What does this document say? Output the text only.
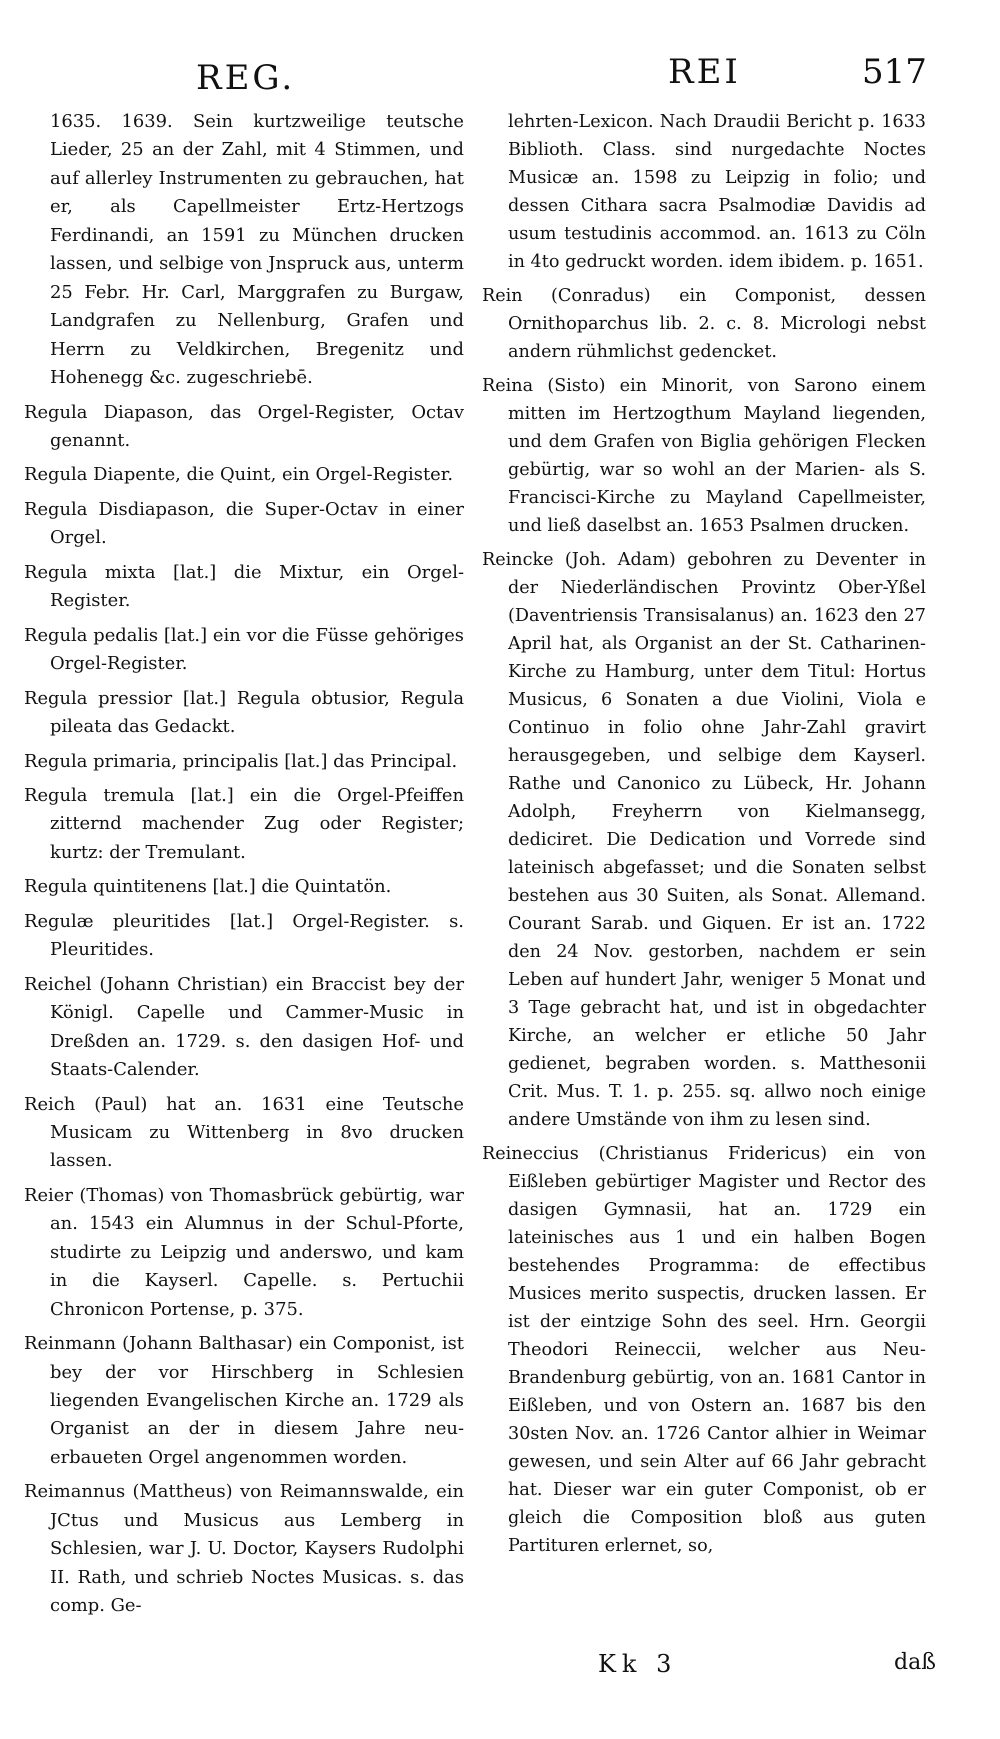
REG.	REI	517

1635. 1639. Sein kurtzweilige teutsche Lieder, 25 an der Zahl, mit 4 Stimmen, und auf allerley Instrumenten zu gebrauchen, hat er, als Capellmeister Ertz-Hertzogs Ferdinandi, an 1591 zu München drucken lassen, und selbige von Jnspruck aus, unterm 25 Febr. Hr. Carl, Marggrafen zu Burgaw, Landgrafen zu Nellenburg, Grafen und Herrn zu Veldkirchen, Bregenitz und Hohenegg &c. zugeschriebē.

Regula Diapason, das Orgel-Register, Octav genannt.

Regula Diapente, die Quint, ein Orgel-Register.

Regula Disdiapason, die Super-Octav in einer Orgel.

Regula mixta [lat.] die Mixtur, ein Orgel-Register.

Regula pedalis [lat.] ein vor die Füsse gehöriges Orgel-Register.

Regula pressior [lat.] Regula obtusior, Regula pileata das Gedackt.

Regula primaria, principalis [lat.] das Principal.

Regula tremula [lat.] ein die Orgel-Pfeiffen zitternd machender Zug oder Register; kurtz: der Tremulant.

Regula quintitenens [lat.] die Quintatön.

Regulæ pleuritides [lat.] Orgel-Register. s. Pleuritides.

Reichel (Johann Christian) ein Braccist bey der Königl. Capelle und Cammer-Music in Dreßden an. 1729. s. den dasigen Hof- und Staats-Calender.

Reich (Paul) hat an. 1631 eine Teutsche Musicam zu Wittenberg in 8vo drucken lassen.

Reier (Thomas) von Thomasbrück gebürtig, war an. 1543 ein Alumnus in der Schul-Pforte, studirte zu Leipzig und anderswo, und kam in die Kayserl. Capelle. s. Pertuchii Chronicon Portense, p. 375.

Reinmann (Johann Balthasar) ein Componist, ist bey der vor Hirschberg in Schlesien liegenden Evangelischen Kirche an. 1729 als Organist an der in diesem Jahre neu-erbaueten Orgel angenommen worden.

Reimannus (Mattheus) von Reimannswalde, ein JCtus und Musicus aus Lemberg in Schlesien, war J. U. Doctor, Kaysers Rudolphi II. Rath, und schrieb Noctes Musicas. s. das comp. Ge-

lehrten-Lexicon. Nach Draudii Bericht p. 1633 Biblioth. Class. sind nurgedachte Noctes Musicæ an. 1598 zu Leipzig in folio; und dessen Cithara sacra Psalmodiæ Davidis ad usum testudinis accommod. an. 1613 zu Cöln in 4to gedruckt worden. idem ibidem. p. 1651.

Rein (Conradus) ein Componist, dessen Ornithoparchus lib. 2. c. 8. Micrologi nebst andern rühmlichst gedencket.

Reina (Sisto) ein Minorit, von Sarono einem mitten im Hertzogthum Mayland liegenden, und dem Grafen von Biglia gehörigen Flecken gebürtig, war so wohl an der Marien- als S. Francisci-Kirche zu Mayland Capellmeister, und ließ daselbst an. 1653 Psalmen drucken.

Reincke (Joh. Adam) gebohren zu Deventer in der Niederländischen Provintz Ober-Yßel (Daventriensis Transisalanus) an. 1623 den 27 April hat, als Organist an der St. Catharinen-Kirche zu Hamburg, unter dem Titul: Hortus Musicus, 6 Sonaten a due Violini, Viola e Continuo in folio ohne Jahr-Zahl gravirt herausgegeben, und selbige dem Kayserl. Rathe und Canonico zu Lübeck, Hr. Johann Adolph, Freyherrn von Kielmansegg, dediciret. Die Dedication und Vorrede sind lateinisch abgefasset; und die Sonaten selbst bestehen aus 30 Suiten, als Sonat. Allemand. Courant Sarab. und Giquen. Er ist an. 1722 den 24 Nov. gestorben, nachdem er sein Leben auf hundert Jahr, weniger 5 Monat und 3 Tage gebracht hat, und ist in obgedachter Kirche, an welcher er etliche 50 Jahr gedienet, begraben worden. s. Matthesonii Crit. Mus. T. 1. p. 255. sq. allwo noch einige andere Umstände von ihm zu lesen sind.

Reineccius (Christianus Fridericus) ein von Eißleben gebürtiger Magister und Rector des dasigen Gymnasii, hat an. 1729 ein lateinisches aus 1 und ein halben Bogen bestehendes Programma: de effectibus Musices merito suspectis, drucken lassen. Er ist der eintzige Sohn des seel. Hrn. Georgii Theodori Reineccii, welcher aus Neu-Brandenburg gebürtig, von an. 1681 Cantor in Eißleben, und von Ostern an. 1687 bis den 30sten Nov. an. 1726 Cantor alhier in Weimar gewesen, und sein Alter auf 66 Jahr gebracht hat. Dieser war ein guter Componist, ob er gleich die Composition bloß aus guten Partituren erlernet, so,

Kk 3	daß
